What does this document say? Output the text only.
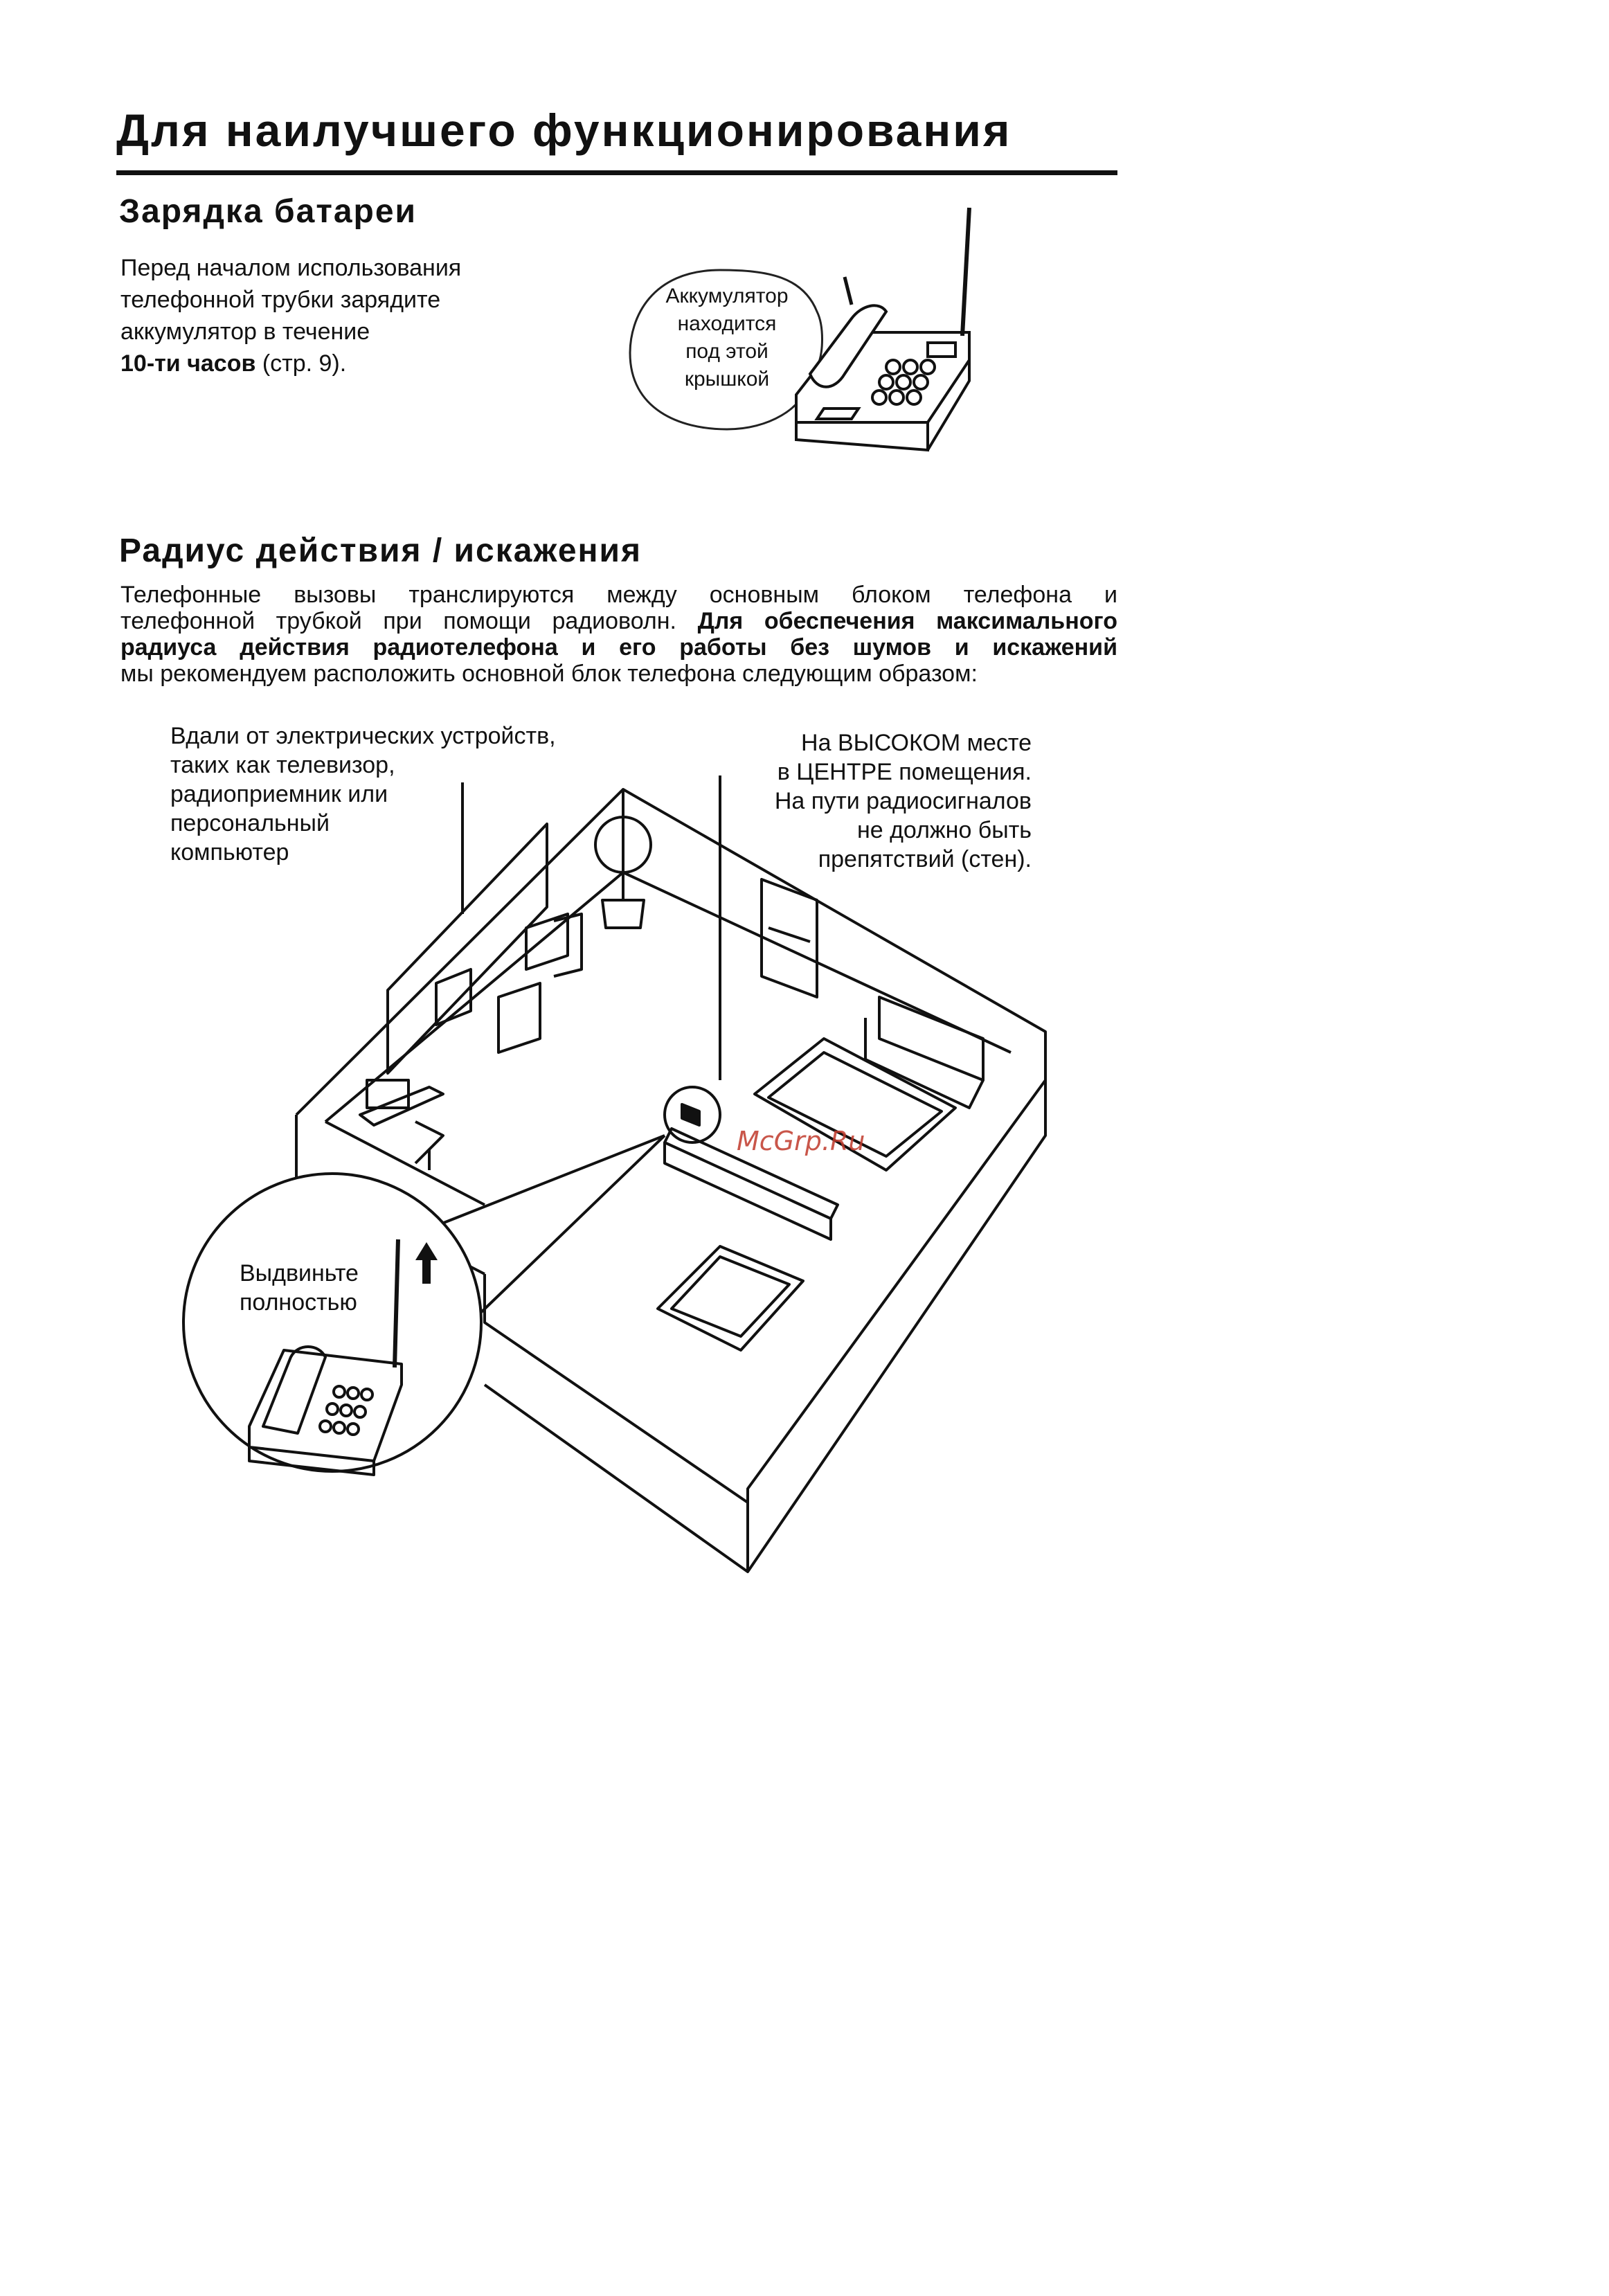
Для наилучшего функционирования
Зарядка батареи
Перед началом использования
телефонной трубки зарядите
аккумулятор в течение
10-ти часов (стр. 9).
Аккумулятор
находится
под этой
крышкой
Радиус действия / искажения
Телефонные вызовы транслируются между основным блоком телефона и
телефонной трубкой при помощи радиоволн. Для обеспечения максимального
радиуса действия радиотелефона и его работы без шумов и искажений
мы рекомендуем расположить основной блок телефона следующим образом:
Вдали от электрических устройств,
таких как телевизор,
радиоприемник или
персональный
компьютер
На ВЫСОКОМ месте
в ЦЕНТРЕ помещения.
На пути радиосигналов
не должно быть
препятствий (стен).
Выдвиньте
полностью
McGrp.Ru
